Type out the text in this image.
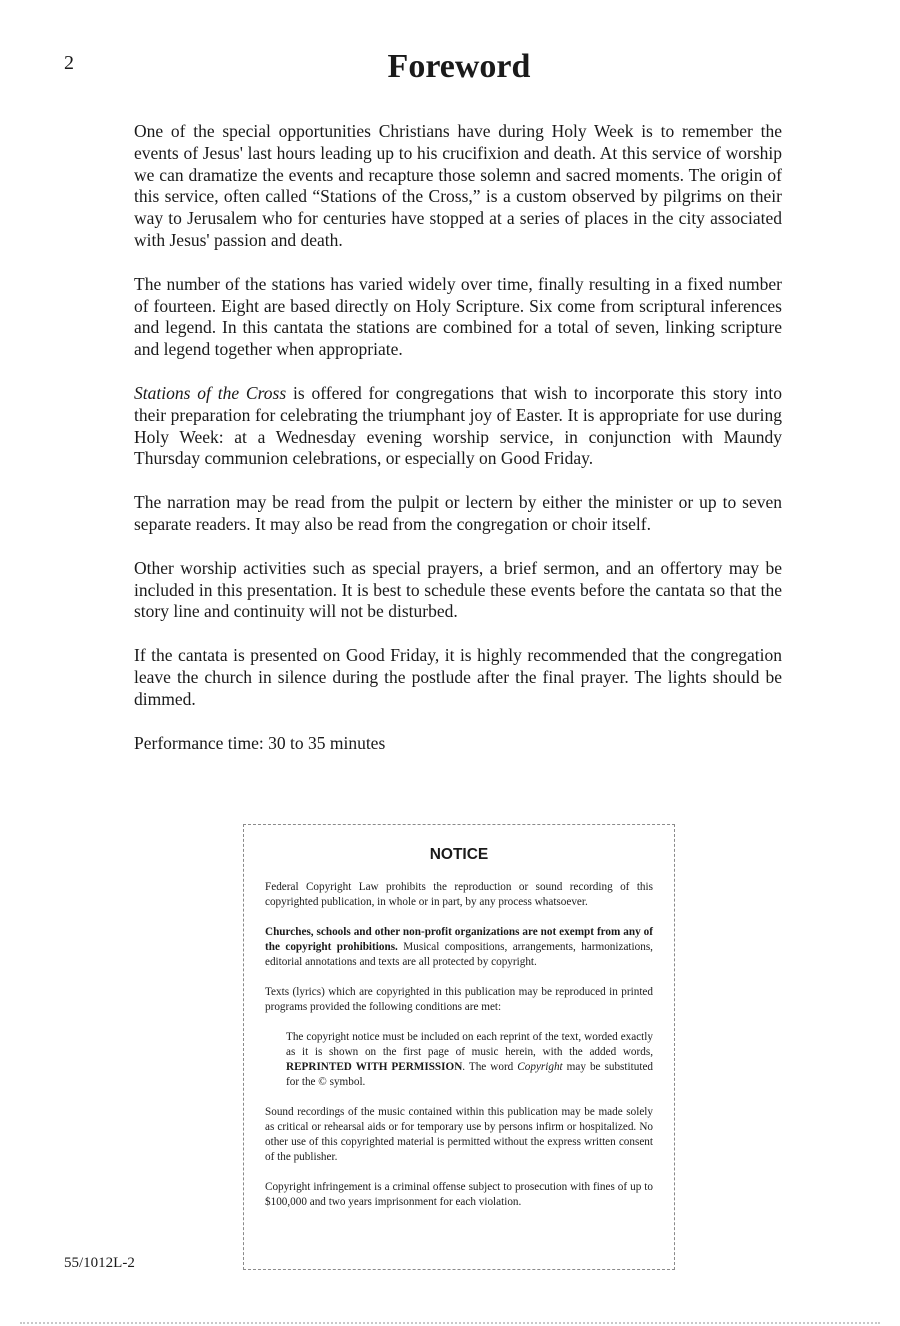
2	Foreword

One of the special opportunities Christians have during Holy Week is to remember the events of Jesus' last hours leading up to his crucifixion and death. At this service of worship we can dramatize the events and recapture those solemn and sacred moments. The origin of this service, often called “Stations of the Cross,” is a custom observed by pilgrims on their way to Jerusalem who for centuries have stopped at a series of places in the city associated with Jesus' passion and death.

The number of the stations has varied widely over time, finally resulting in a fixed number of fourteen. Eight are based directly on Holy Scripture. Six come from scriptural inferences and legend. In this cantata the stations are combined for a total of seven, linking scripture and legend together when appropriate.

Stations of the Cross is offered for congregations that wish to incorporate this story into their preparation for celebrating the triumphant joy of Easter. It is appropriate for use during Holy Week: at a Wednesday evening worship service, in conjunction with Maundy Thursday communion celebrations, or especially on Good Friday.

The narration may be read from the pulpit or lectern by either the minister or up to seven separate readers. It may also be read from the congregation or choir itself.

Other worship activities such as special prayers, a brief sermon, and an offertory may be included in this presentation. It is best to schedule these events before the cantata so that the story line and continuity will not be disturbed.

If the cantata is presented on Good Friday, it is highly recommended that the congregation leave the church in silence during the postlude after the final prayer. The lights should be dimmed.

Performance time: 30 to 35 minutes

NOTICE

Federal Copyright Law prohibits the reproduction or sound recording of this copyrighted publication, in whole or in part, by any process whatsoever.

Churches, schools and other non-profit organizations are not exempt from any of the copyright prohibitions. Musical compositions, arrangements, harmonizations, editorial annotations and texts are all protected by copyright.

Texts (lyrics) which are copyrighted in this publication may be reproduced in printed programs provided the following conditions are met:

The copyright notice must be included on each reprint of the text, worded exactly as it is shown on the first page of music herein, with the added words, REPRINTED WITH PERMISSION. The word Copyright may be substituted for the © symbol.

Sound recordings of the music contained within this publication may be made solely as critical or rehearsal aids or for temporary use by persons infirm or hospitalized. No other use of this copyrighted material is permitted without the express written consent of the publisher.

Copyright infringement is a criminal offense subject to prosecution with fines of up to $100,000 and two years imprisonment for each violation.

55/1012L-2
